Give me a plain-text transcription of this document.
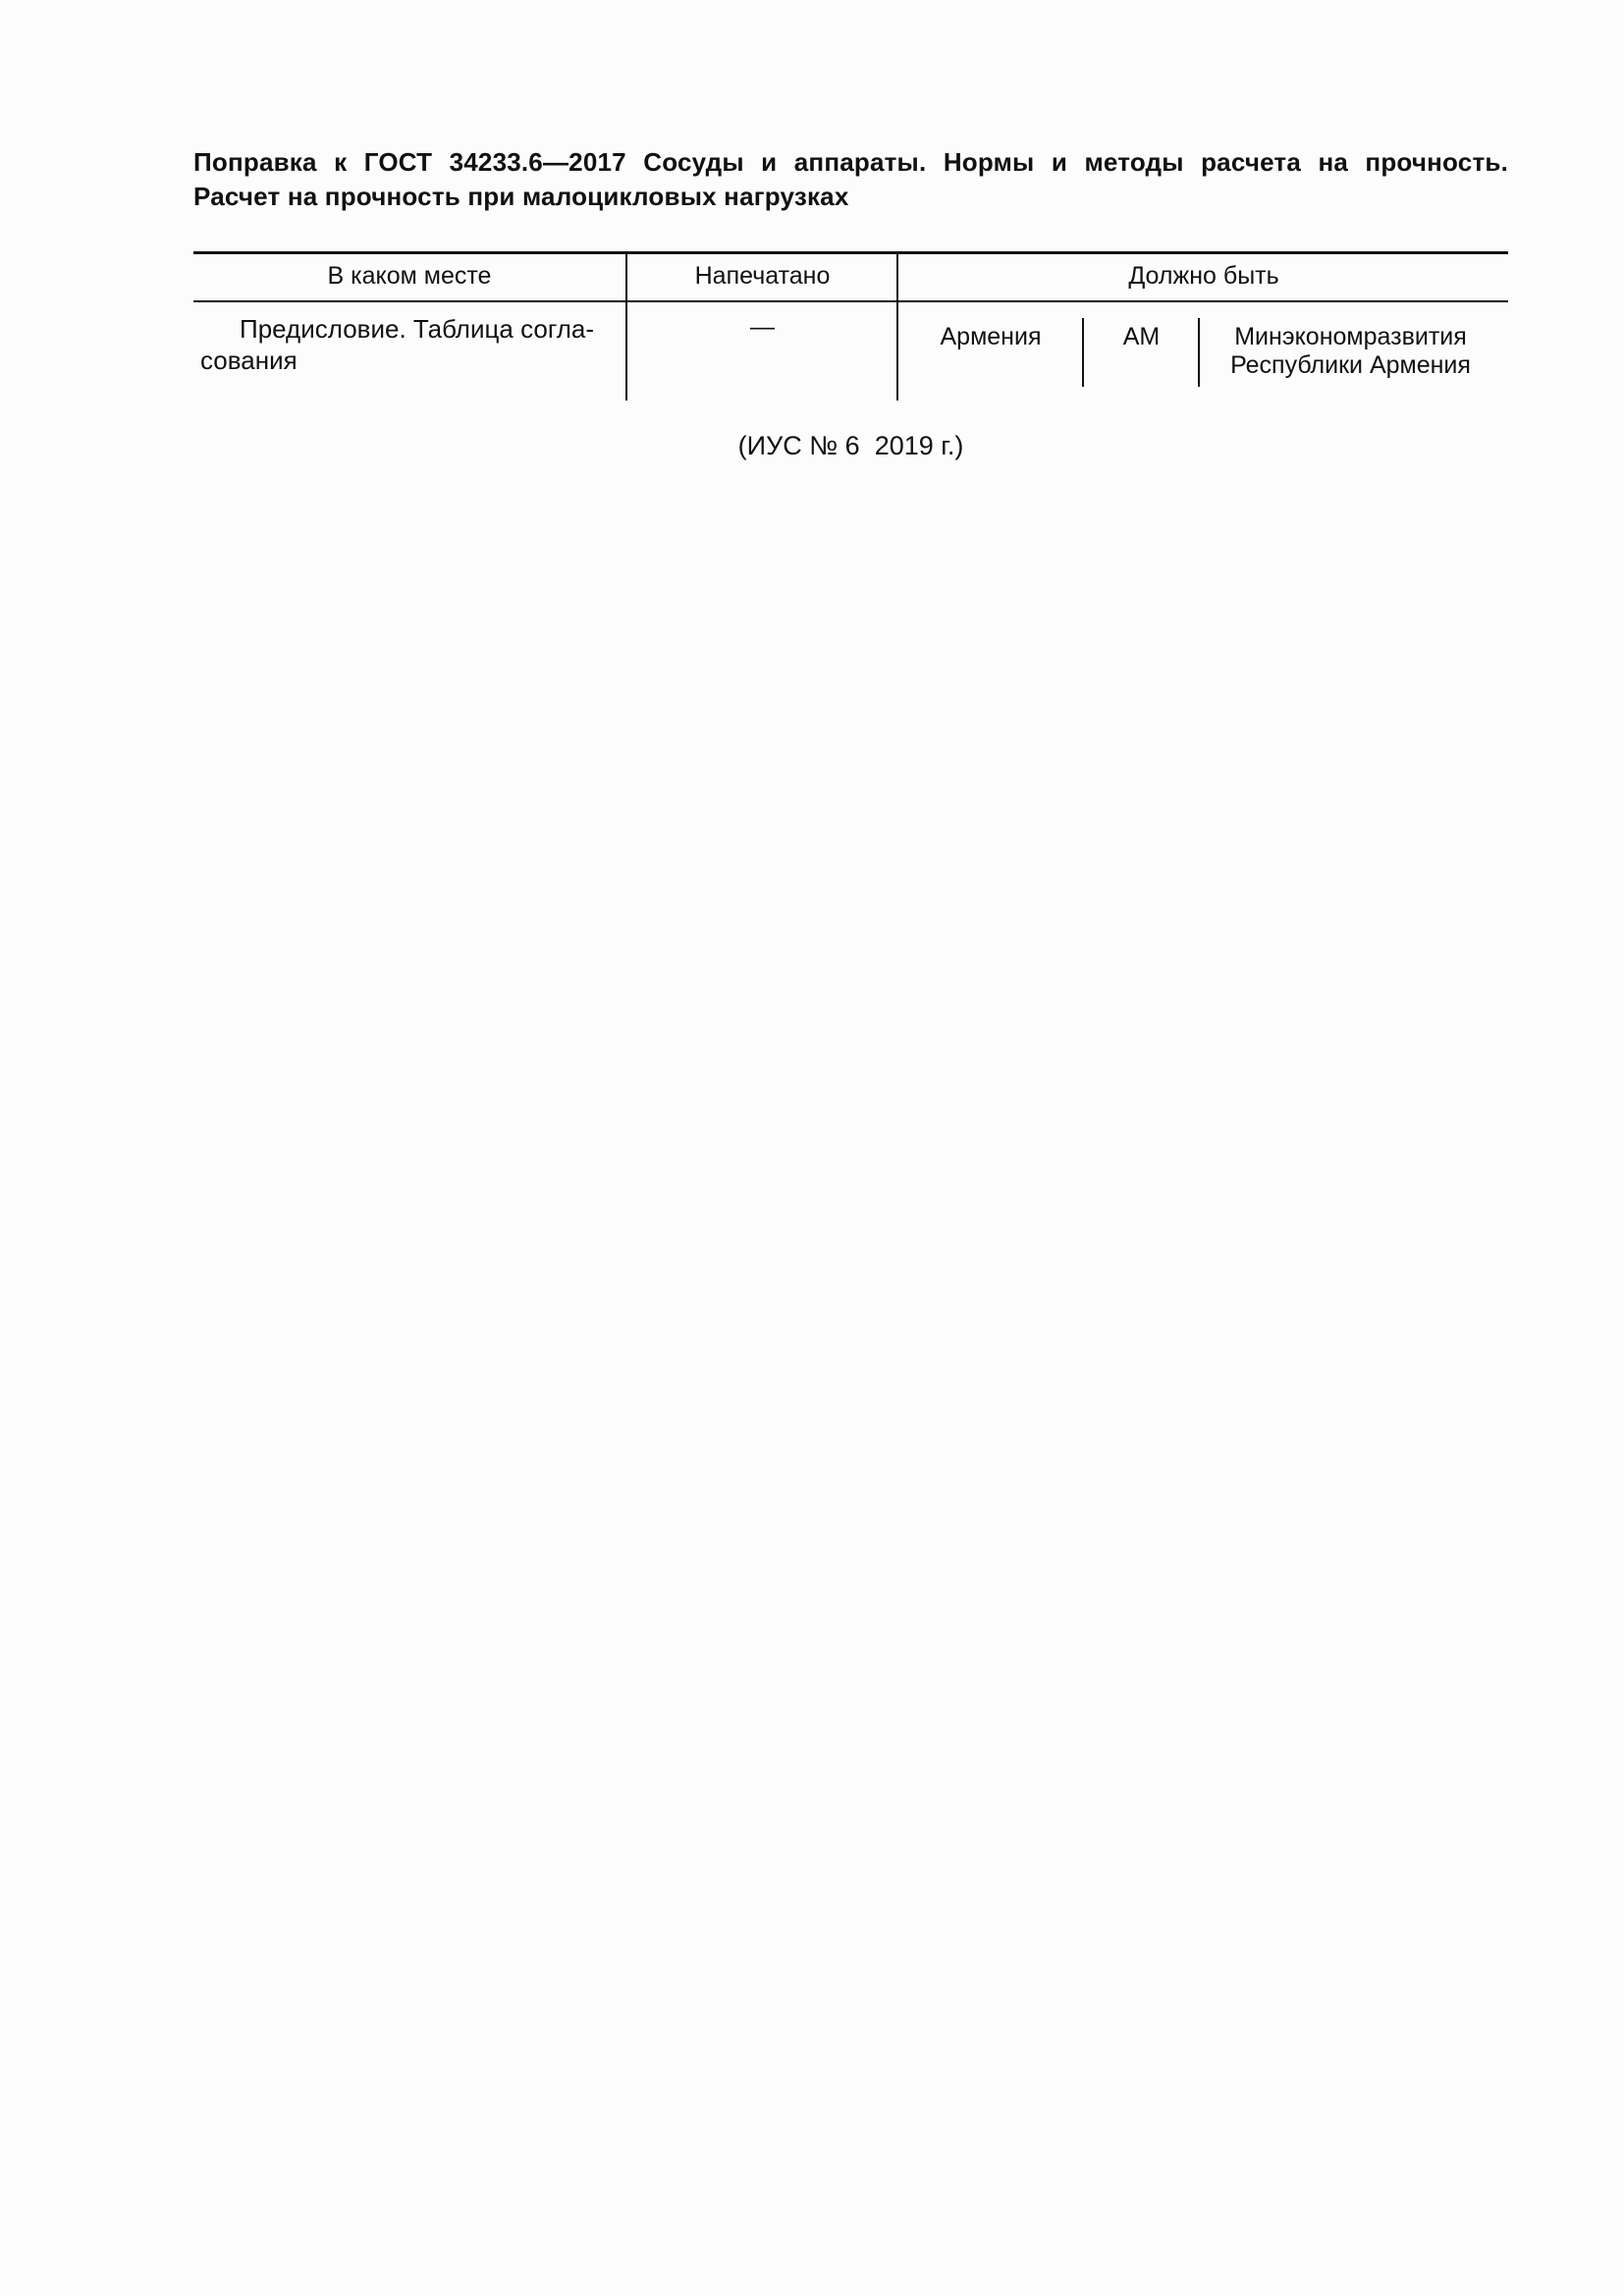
Поправка к ГОСТ 34233.6—2017 Сосуды и аппараты. Нормы и методы расчета на прочность.
Расчет на прочность при малоцикловых нагрузках
В каком месте	Напечатано	Должно быть
Предисловие. Таблица согла-
сования
—	Армения	АМ	Минэкономразвития
Республики Армения
(ИУС № 6  2019 г.)
